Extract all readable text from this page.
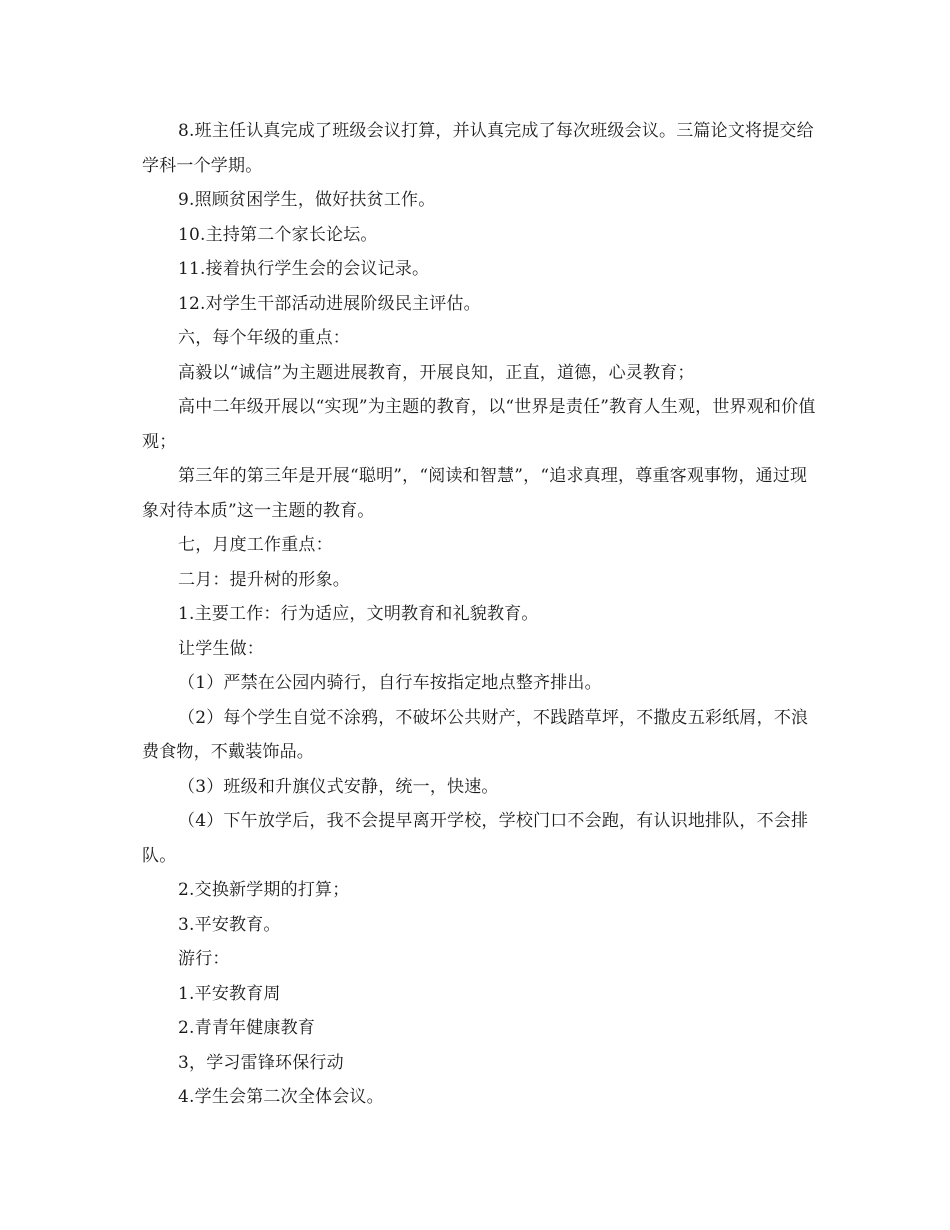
8.班主任认真完成了班级会议打算，并认真完成了每次班级会议。三篇论文将提交给学科一个学期。

9.照顾贫困学生，做好扶贫工作。

10.主持第二个家长论坛。

11.接着执行学生会的会议记录。

12.对学生干部活动进展阶级民主评估。

六，每个年级的重点：

高毅以“诚信”为主题进展教育，开展良知，正直，道德，心灵教育；

高中二年级开展以“实现”为主题的教育，以“世界是责任”教育人生观，世界观和价值观；

第三年的第三年是开展“聪明”，“阅读和智慧”，“追求真理，尊重客观事物，通过现象对待本质”这一主题的教育。

七，月度工作重点：

二月：提升树的形象。

1.主要工作：行为适应，文明教育和礼貌教育。

让学生做：

（1）严禁在公园内骑行，自行车按指定地点整齐排出。

（2）每个学生自觉不涂鸦，不破坏公共财产，不践踏草坪，不撒皮五彩纸屑，不浪费食物，不戴装饰品。

（3）班级和升旗仪式安静，统一，快速。

（4）下午放学后，我不会提早离开学校，学校门口不会跑，有认识地排队，不会排队。

2.交换新学期的打算；

3.平安教育。

游行：

1.平安教育周

2.青青年健康教育

3，学习雷锋环保行动

4.学生会第二次全体会议。
